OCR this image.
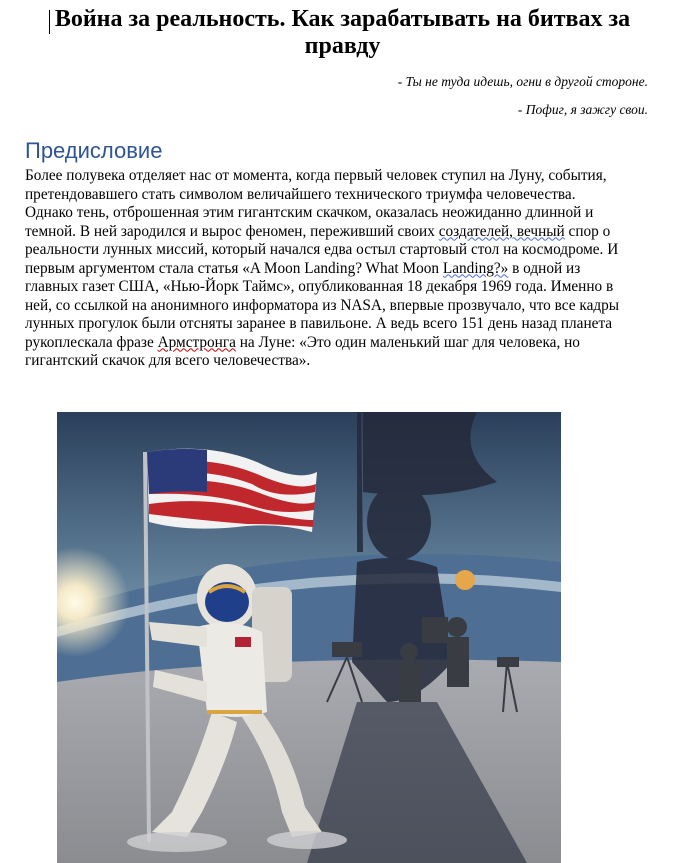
Война за реальность. Как зарабатывать на битвах за
правду
- Ты не туда идешь, огни в другой стороне.
- Пофиг, я зажгу свои.
Предисловие
Более полувека отделяет нас от момента, когда первый человек ступил на Луну, события,
претендовавшего стать символом величайшего технического триумфа человечества.
Однако тень, отброшенная этим гигантским скачком, оказалась неожиданно длинной и
темной. В ней зародился и вырос феномен, переживший своих создателей, вечный спор о
реальности лунных миссий, который начался едва остыл стартовый стол на космодроме. И
первым аргументом стала статья «A Moon Landing? What Moon Landing?» в одной из
главных газет США, «Нью-Йорк Таймс», опубликованная 18 декабря 1969 года. Именно в
ней, со ссылкой на анонимного информатора из NASA, впервые прозвучало, что все кадры
лунных прогулок были отсняты заранее в павильоне. А ведь всего 151 день назад планета
рукоплескала фразе Армстронга на Луне: «Это один маленький шаг для человека, но
гигантский скачок для всего человечества».
